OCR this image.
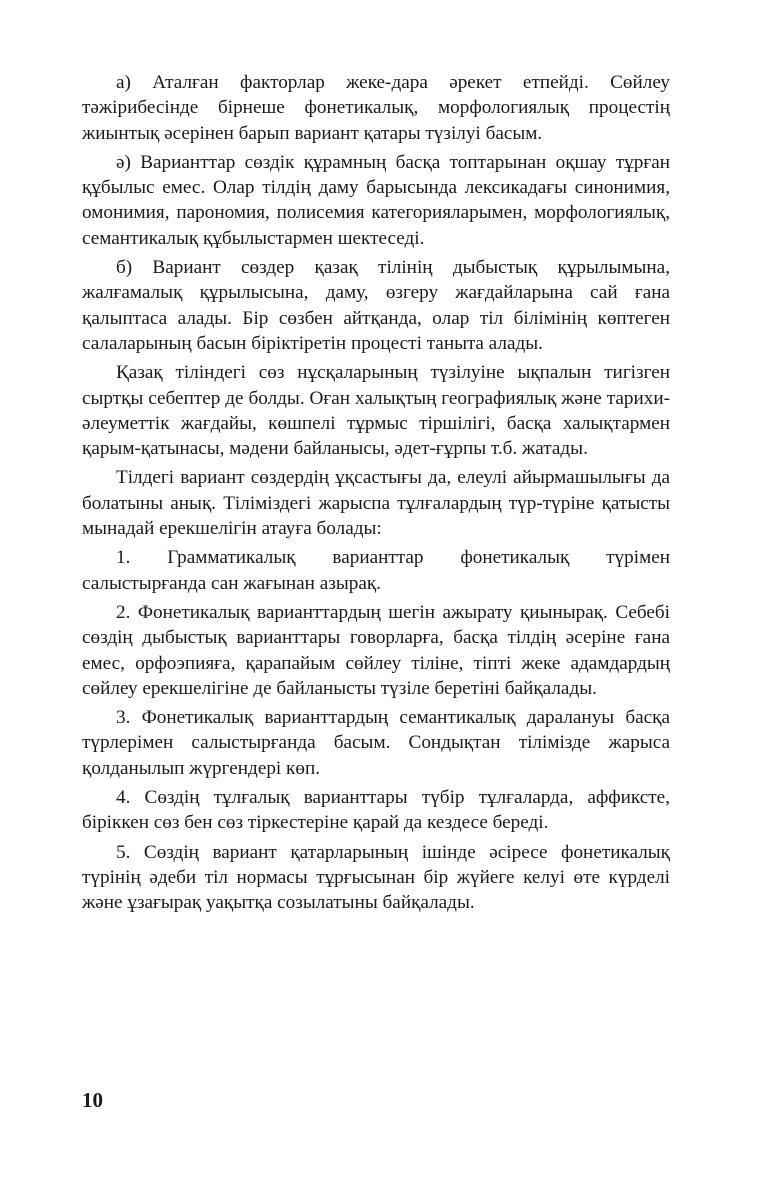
а) Аталған факторлар жеке-дара әрекет етпейді. Сөйлеу тәжірибесінде бірнеше фонетикалық, морфологиялық процестің жиынтық әсерінен барып вариант қатары түзілуі басым.

ә) Варианттар сөздік құрамның басқа топтарынан оқшау тұрған құбылыс емес. Олар тілдің даму барысында лексикадағы синонимия, омонимия, парономия, полисемия категорияларымен, морфологиялық, семантикалық құбылыстармен шектеседі.

б) Вариант сөздер қазақ тілінің дыбыстық құрылымына, жалғамалық құрылысына, даму, өзгеру жағдайларына сай ғана қалыптаса алады. Бір сөзбен айтқанда, олар тіл білімінің көптеген салаларының басын біріктіретін процесті танытa алады.

Қазақ тіліндегі сөз нұсқаларының түзілуіне ықпалын тигізген сыртқы себептер де болды. Оған халықтың географиялық және тарихи-әлеуметтік жағдайы, көшпелі тұрмыс тіршілігі, басқа халықтармен қарым-қатынасы, мәдени байланысы, әдет-ғұрпы т.б. жатады.

Тілдегі вариант сөздердің ұқсастығы да, елеулі айырмашылығы да болатыны анық. Тіліміздегі жарыспа тұлғалардың түр-түріне қатысты мынадай ерекшелігін атауға болады:

1. Грамматикалық варианттар фонетикалық түрімен салыстырғанда сан жағынан азырақ.

2. Фонетикалық варианттардың шегін ажырату қиынырақ. Себебі сөздің дыбыстық варианттары говорларға, басқа тілдің әсеріне ғана емес, орфоэпияға, қарапайым сөйлеу тіліне, тіпті жеке адамдардың сөйлеу ерекшелігіне де байланысты түзіле беретіні байқалады.

3. Фонетикалық варианттардың семантикалық даралануы басқа түрлерімен салыстырғанда басым. Сондықтан тілімізде жарыса қолданылып жүргендері көп.

4. Сөздің тұлғалық варианттары түбір тұлғаларда, аффиксте, біріккен сөз бен сөз тіркестеріне қарай да кездесе береді.

5. Сөздің вариант қатарларының ішінде әсіресе фонетикалық түрінің әдеби тіл нормасы тұрғысынан бір жүйеге келуі өте күрделі және ұзағырақ уақытқа созылатыны байқалады.

10
